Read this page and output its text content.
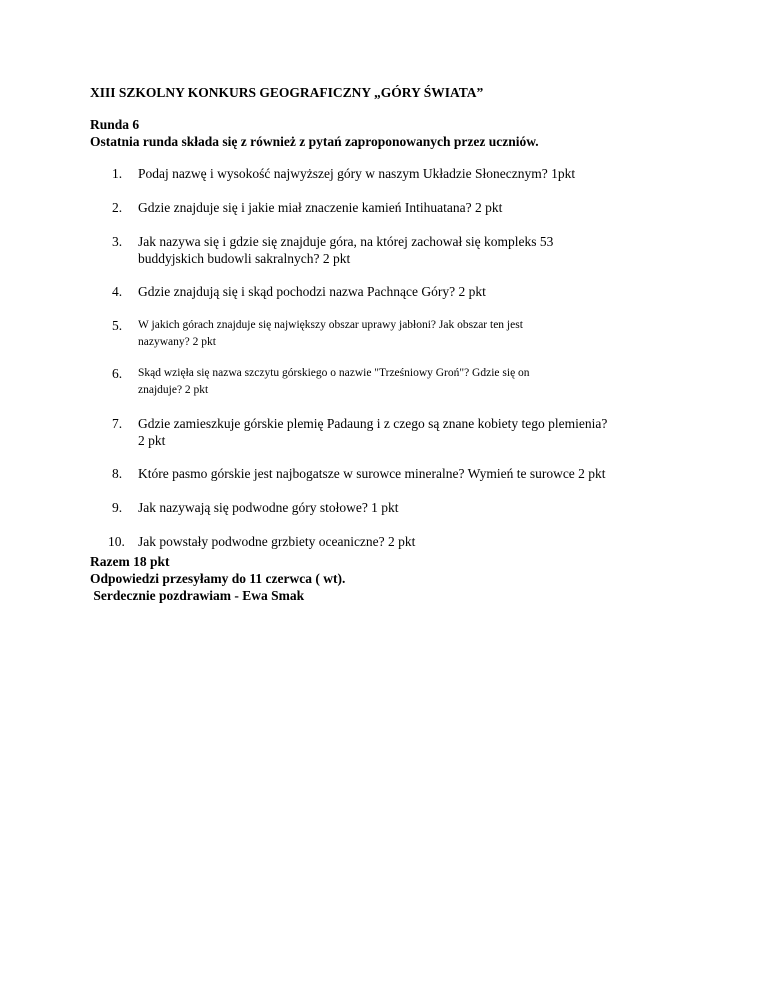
XIII SZKOLNY KONKURS GEOGRAFICZNY „GÓRY ŚWIATA”
Runda 6
Ostatnia runda składa się z również z pytań zaproponowanych przez uczniów.
1. Podaj nazwę i wysokość najwyższej góry w naszym Układzie Słonecznym? 1pkt
2. Gdzie znajduje się i jakie miał znaczenie kamień Intihuatana? 2 pkt
3. Jak nazywa się i gdzie się znajduje góra, na której zachował się kompleks 53
buddyjskich budowli sakralnych? 2 pkt
4. Gdzie znajdują się i skąd pochodzi nazwa Pachnące Góry? 2 pkt
5. W jakich górach znajduje się największy obszar uprawy jabłoni? Jak obszar ten jest
nazywany? 2 pkt
6. Skąd wzięła się nazwa szczytu górskiego o nazwie "Trześniowy Groń"? Gdzie się on
znajduje? 2 pkt
7. Gdzie zamieszkuje górskie plemię Padaung i z czego są znane kobiety tego plemienia?
2 pkt
8. Które pasmo górskie jest najbogatsze w surowce mineralne? Wymień te surowce 2 pkt
9. Jak nazywają się podwodne góry stołowe? 1 pkt
10. Jak powstały podwodne grzbiety oceaniczne? 2 pkt
Razem 18 pkt
Odpowiedzi przesyłamy do 11 czerwca ( wt).
Serdecznie pozdrawiam - Ewa Smak
